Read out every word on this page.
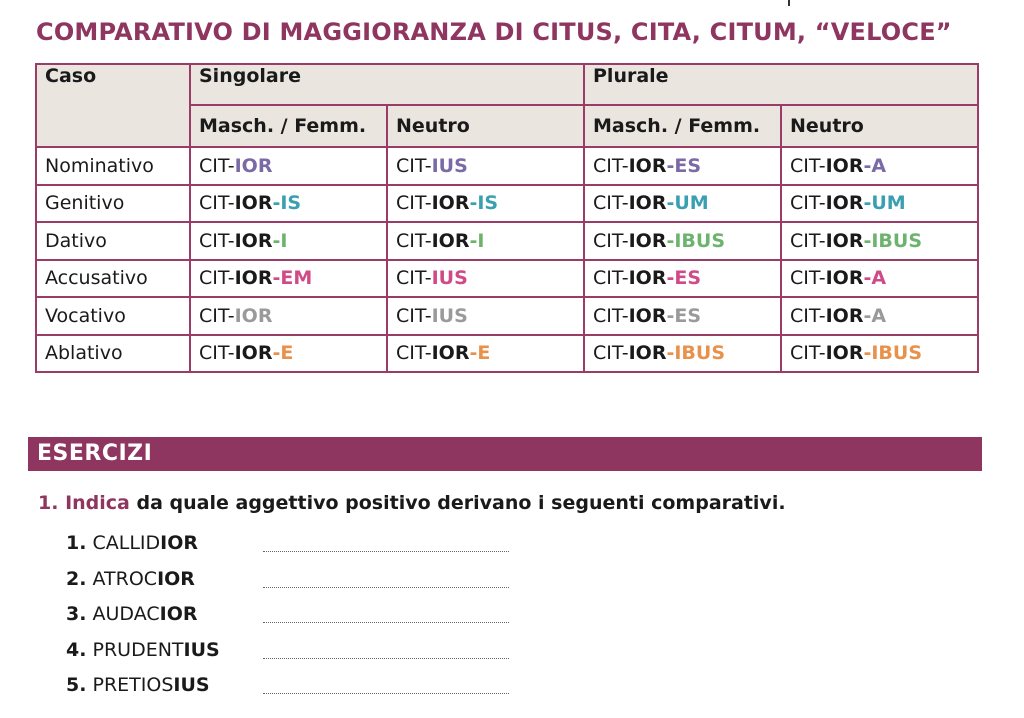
COMPARATIVO DI MAGGIORANZA DI CITUS, CITA, CITUM, “VELOCE”
Caso	Singolare		Plurale	
	Masch. / Femm.	Neutro	Masch. / Femm.	Neutro
Nominativo	CIT-IOR	CIT-IUS	CIT-IOR-ES	CIT-IOR-A
Genitivo	CIT-IOR-IS	CIT-IOR-IS	CIT-IOR-UM	CIT-IOR-UM
Dativo	CIT-IOR-I	CIT-IOR-I	CIT-IOR-IBUS	CIT-IOR-IBUS
Accusativo	CIT-IOR-EM	CIT-IUS	CIT-IOR-ES	CIT-IOR-A
Vocativo	CIT-IOR	CIT-IUS	CIT-IOR-ES	CIT-IOR-A
Ablativo	CIT-IOR-E	CIT-IOR-E	CIT-IOR-IBUS	CIT-IOR-IBUS
ESERCIZI
1. Indica da quale aggettivo positivo derivano i seguenti comparativi.
1. CALLIDIOR
2. ATROCIOR
3. AUDACIOR
4. PRUDENTIUS
5. PRETIOSIUS
